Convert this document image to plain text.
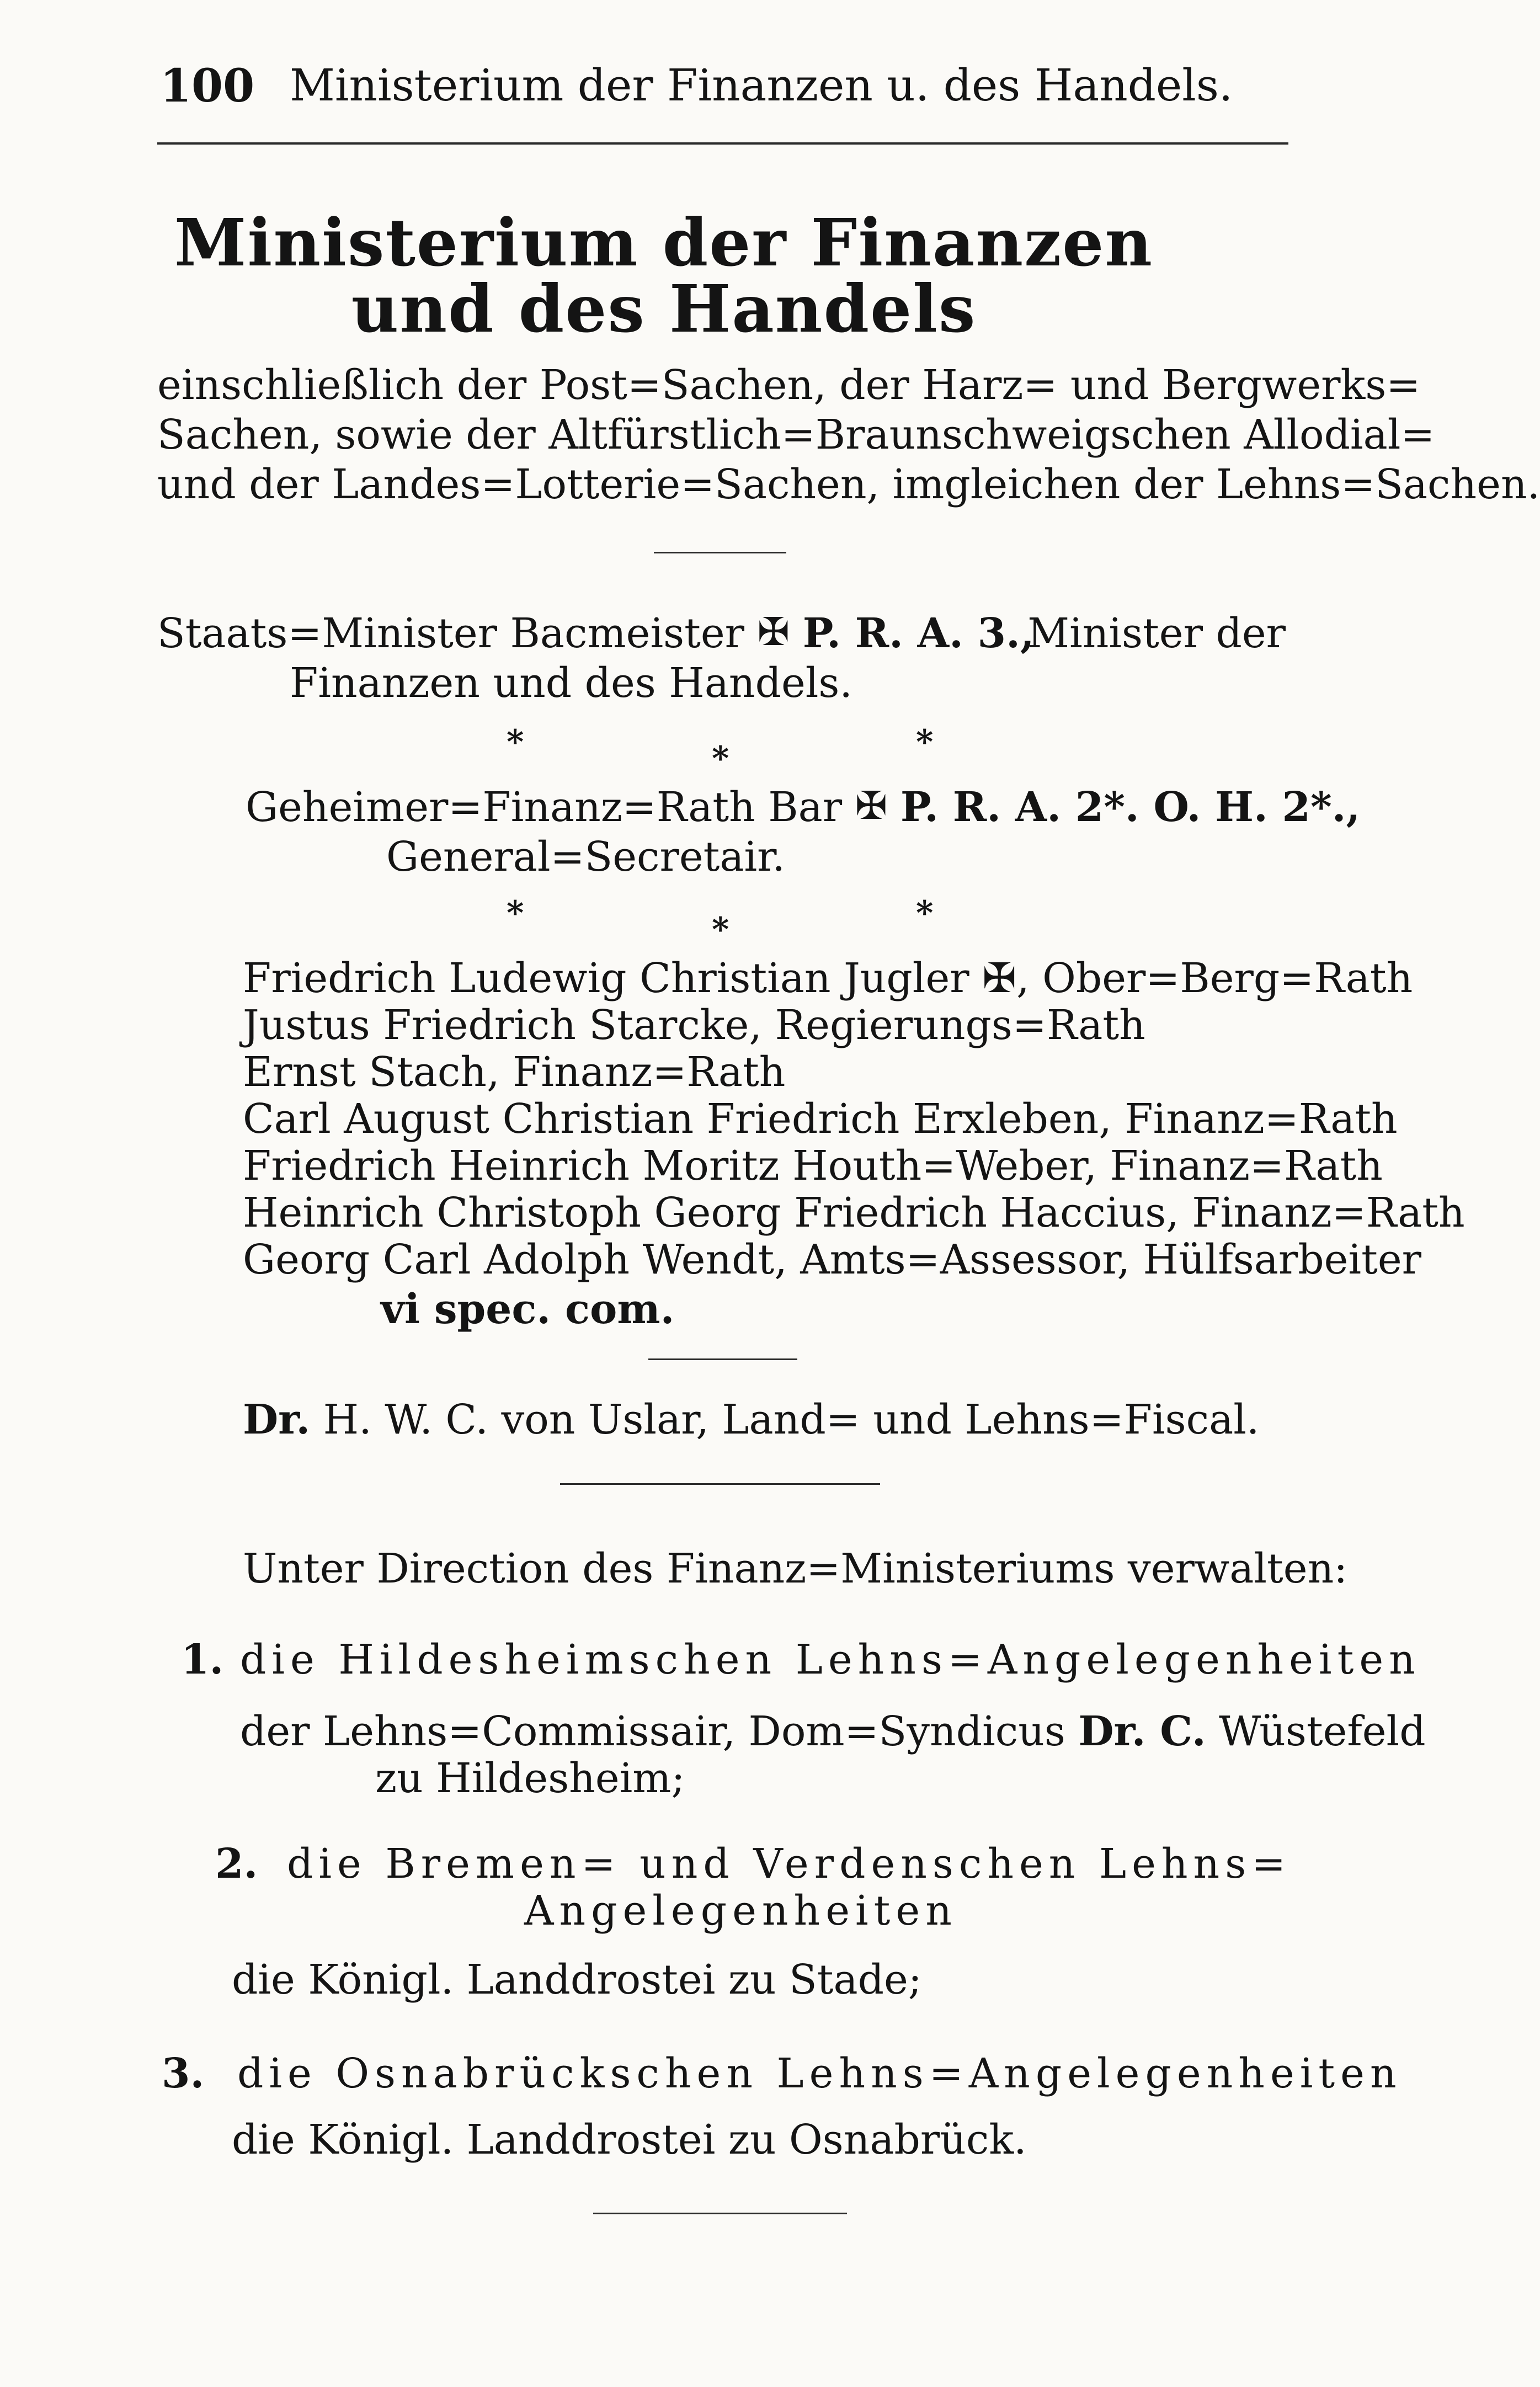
100 Ministerium der Finanzen u. des Handels.
Ministerium der Finanzen
und des Handels
einschließlich der Post=Sachen, der Harz= und Bergwerks=
Sachen, sowie der Altfürstlich=Braunschweigschen Allodial=
und der Landes=Lotterie=Sachen, imgleichen der Lehns=Sachen.
Staats=Minister Bacmeister ✠ P. R. A. 3.,
Minister der
Finanzen und des Handels.
*	*	*
Geheimer=Finanz=Rath Bar ✠ P. R. A. 2*. O. H. 2*.,
General=Secretair.
*	*	*
Friedrich Ludewig Christian Jugler ✠, Ober=Berg=Rath
Justus Friedrich Starcke, Regierungs=Rath
Ernst Stach, Finanz=Rath
Carl August Christian Friedrich Erxleben, Finanz=Rath
Friedrich Heinrich Moritz Houth=Weber, Finanz=Rath
Heinrich Christoph Georg Friedrich Haccius, Finanz=Rath
Georg Carl Adolph Wendt, Amts=Assessor, Hülfsarbeiter
vi spec. com.
Dr. H. W. C. von Uslar, Land= und Lehns=Fiscal.
Unter Direction des Finanz=Ministeriums verwalten:
1. die Hildesheimschen Lehns=Angelegenheiten
der Lehns=Commissair, Dom=Syndicus Dr. C. Wüstefeld
zu Hildesheim;
2. die Bremen= und Verdenschen Lehns=
Angelegenheiten
die Königl. Landdrostei zu Stade;
3. die Osnabrückschen Lehns=Angelegenheiten
die Königl. Landdrostei zu Osnabrück.
